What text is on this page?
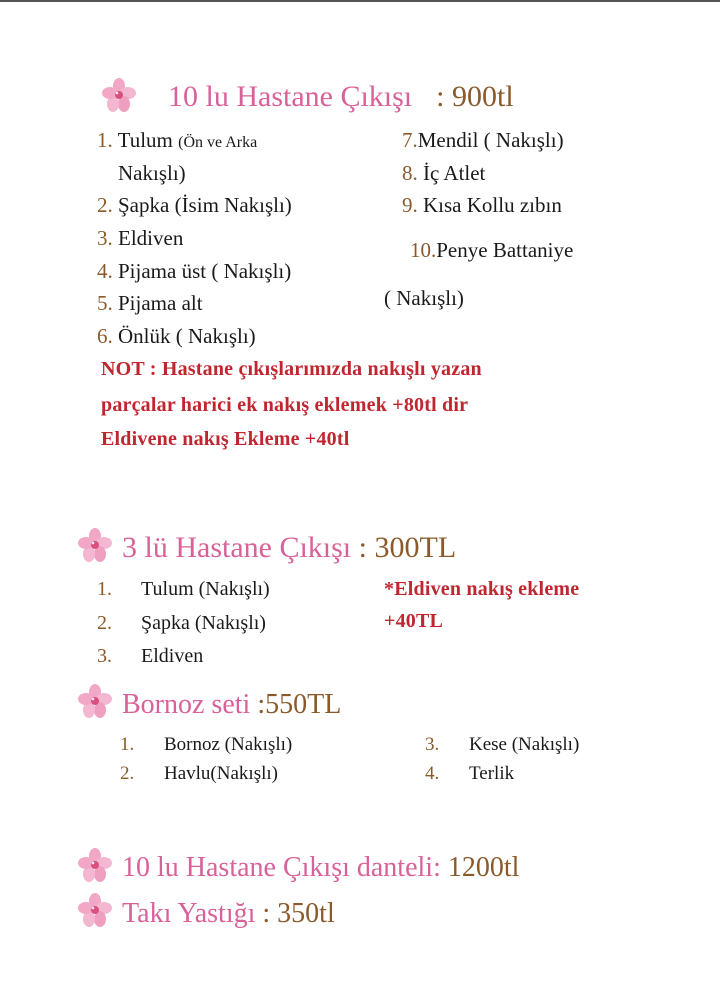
10 lu Hastane Çıkışı : 900tl
1. Tulum (Ön ve Arka
Nakışlı)
2. Şapka (İsim Nakışlı)
3. Eldiven
4. Pijama üst ( Nakışlı)
5. Pijama alt
6. Önlük ( Nakışlı)
7.Mendil ( Nakışlı)
8. İç Atlet
9. Kısa Kollu zıbın
10.Penye Battaniye
( Nakışlı)
NOT : Hastane çıkışlarımızda nakışlı yazan
parçalar harici ek nakış eklemek +80tl dir
Eldivene nakış Ekleme +40tl
3 lü Hastane Çıkışı : 300TL
1. Tulum (Nakışlı)
2. Şapka (Nakışlı)
3. Eldiven
*Eldiven nakış ekleme
+40TL
Bornoz seti :550TL
1. Bornoz (Nakışlı)
2. Havlu(Nakışlı)
3. Kese (Nakışlı)
4. Terlik
10 lu Hastane Çıkışı danteli: 1200tl
Takı Yastığı : 350tl
